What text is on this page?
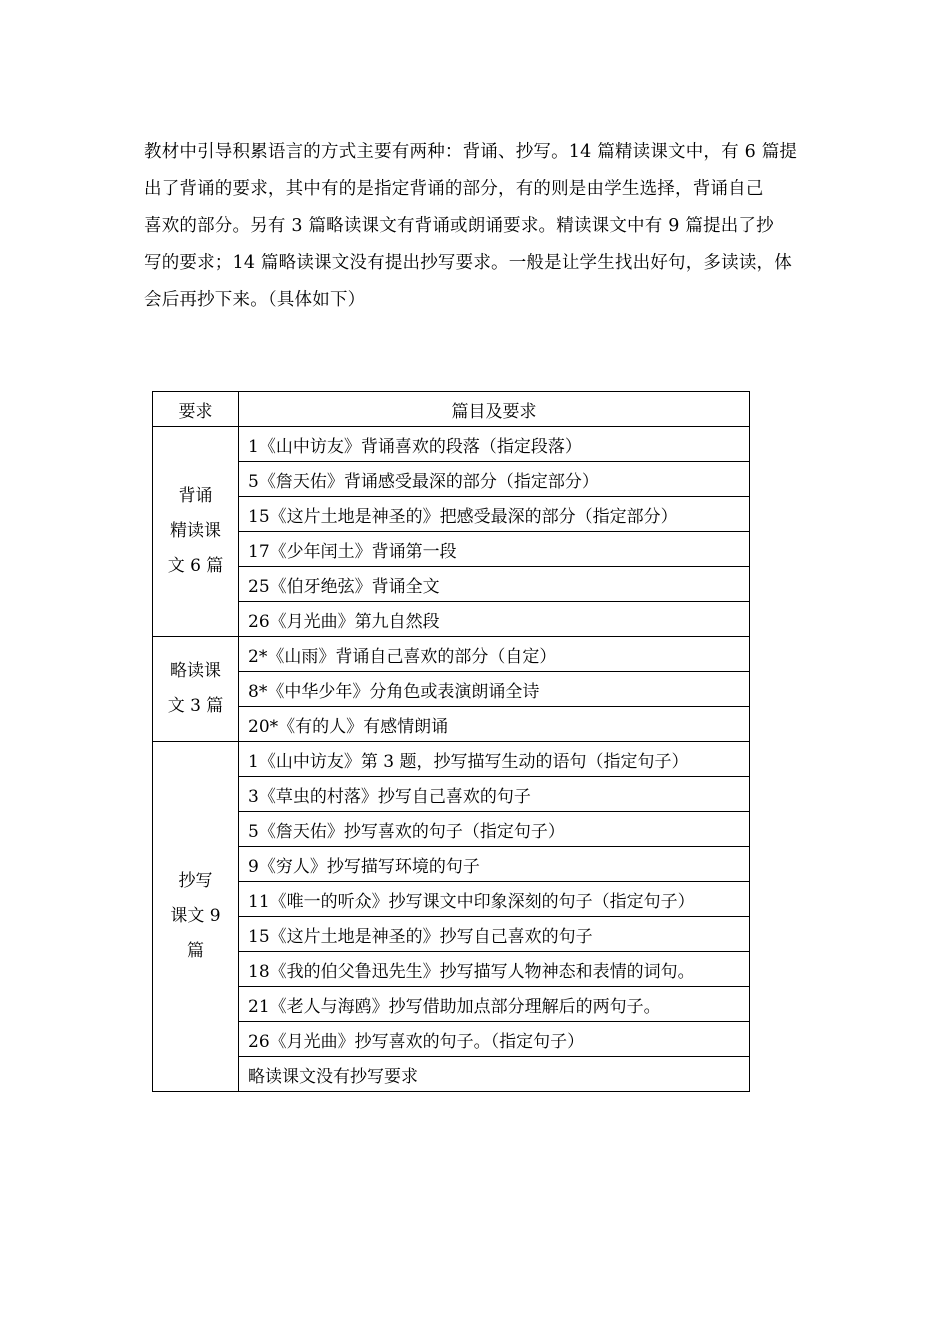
教材中引导积累语言的方式主要有两种：背诵、抄写。14 篇精读课文中，有 6 篇提

出了背诵的要求，其中有的是指定背诵的部分，有的则是由学生选择，背诵自己

喜欢的部分。另有 3 篇略读课文有背诵或朗诵要求。精读课文中有 9 篇提出了抄

写的要求；14 篇略读课文没有提出抄写要求。一般是让学生找出好句，多读读，体

会后再抄下来。（具体如下）

要求	篇目及要求
背诵
精读课
文 6 篇	1《山中访友》背诵喜欢的段落（指定段落）
	5《詹天佑》背诵感受最深的部分（指定部分）
	15《这片土地是神圣的》把感受最深的部分（指定部分）
	17《少年闰土》背诵第一段
	25《伯牙绝弦》背诵全文
	26《月光曲》第九自然段
略读课
文 3 篇	2*《山雨》背诵自己喜欢的部分（自定）
	8*《中华少年》分角色或表演朗诵全诗
	20*《有的人》有感情朗诵
抄写
课文 9
篇	1《山中访友》第 3 题，抄写描写生动的语句（指定句子）
	3《草虫的村落》抄写自己喜欢的句子
	5《詹天佑》抄写喜欢的句子（指定句子）
	9《穷人》抄写描写环境的句子
	11《唯一的听众》抄写课文中印象深刻的句子（指定句子）
	15《这片土地是神圣的》抄写自己喜欢的句子
	18《我的伯父鲁迅先生》抄写描写人物神态和表情的词句。
	21《老人与海鸥》抄写借助加点部分理解后的两句子。
	26《月光曲》抄写喜欢的句子。（指定句子）
	略读课文没有抄写要求
